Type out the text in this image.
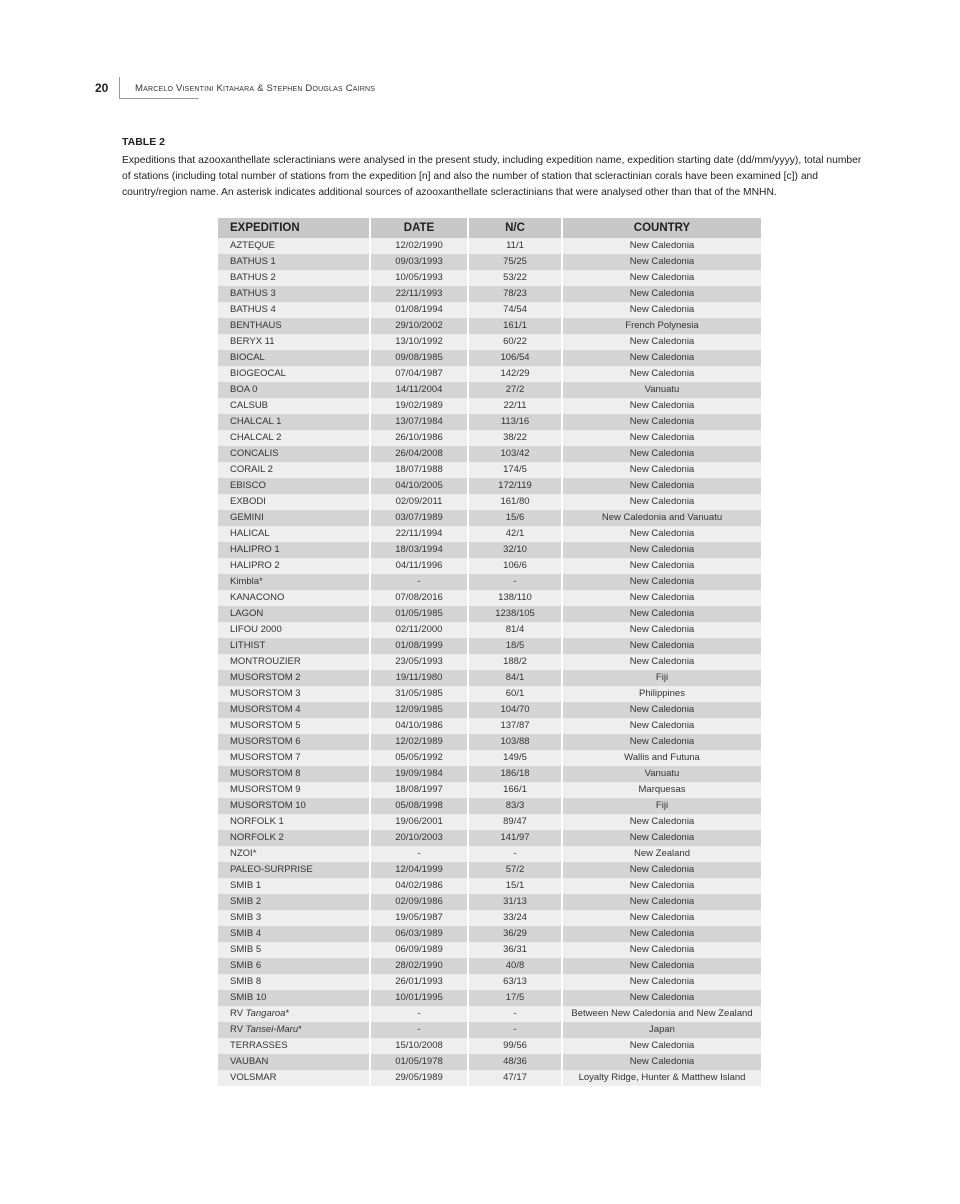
20	Marcelo Visentini Kitahara & Stephen Douglas Cairns
TABLE 2
Expeditions that azooxanthellate scleractinians were analysed in the present study, including expedition name, expedition starting date (dd/mm/yyyy), total number of stations (including total number of stations from the expedition [n] and also the number of station that scleractinian corals have been examined [c]) and country/region name. An asterisk indicates additional sources of azooxanthellate scleractinians that were analysed other than that of the MNHN.
EXPEDITION	DATE	N/C	COUNTRY
AZTEQUE	12/02/1990	11/1	New Caledonia
BATHUS 1	09/03/1993	75/25	New Caledonia
BATHUS 2	10/05/1993	53/22	New Caledonia
BATHUS 3	22/11/1993	78/23	New Caledonia
BATHUS 4	01/08/1994	74/54	New Caledonia
BENTHAUS	29/10/2002	161/1	French Polynesia
BERYX 11	13/10/1992	60/22	New Caledonia
BIOCAL	09/08/1985	106/54	New Caledonia
BIOGEOCAL	07/04/1987	142/29	New Caledonia
BOA 0	14/11/2004	27/2	Vanuatu
CALSUB	19/02/1989	22/11	New Caledonia
CHALCAL 1	13/07/1984	113/16	New Caledonia
CHALCAL 2	26/10/1986	38/22	New Caledonia
CONCALIS	26/04/2008	103/42	New Caledonia
CORAIL 2	18/07/1988	174/5	New Caledonia
EBISCO	04/10/2005	172/119	New Caledonia
EXBODI	02/09/2011	161/80	New Caledonia
GEMINI	03/07/1989	15/6	New Caledonia and Vanuatu
HALICAL	22/11/1994	42/1	New Caledonia
HALIPRO 1	18/03/1994	32/10	New Caledonia
HALIPRO 2	04/11/1996	106/6	New Caledonia
Kimbla*	-	-	New Caledonia
KANACONO	07/08/2016	138/110	New Caledonia
LAGON	01/05/1985	1238/105	New Caledonia
LIFOU 2000	02/11/2000	81/4	New Caledonia
LITHIST	01/08/1999	18/5	New Caledonia
MONTROUZIER	23/05/1993	188/2	New Caledonia
MUSORSTOM 2	19/11/1980	84/1	Fiji
MUSORSTOM 3	31/05/1985	60/1	Philippines
MUSORSTOM 4	12/09/1985	104/70	New Caledonia
MUSORSTOM 5	04/10/1986	137/87	New Caledonia
MUSORSTOM 6	12/02/1989	103/88	New Caledonia
MUSORSTOM 7	05/05/1992	149/5	Wallis and Futuna
MUSORSTOM 8	19/09/1984	186/18	Vanuatu
MUSORSTOM 9	18/08/1997	166/1	Marquesas
MUSORSTOM 10	05/08/1998	83/3	Fiji
NORFOLK 1	19/06/2001	89/47	New Caledonia
NORFOLK 2	20/10/2003	141/97	New Caledonia
NZOI*	-	-	New Zealand
PALEO-SURPRISE	12/04/1999	57/2	New Caledonia
SMIB 1	04/02/1986	15/1	New Caledonia
SMIB 2	02/09/1986	31/13	New Caledonia
SMIB 3	19/05/1987	33/24	New Caledonia
SMIB 4	06/03/1989	36/29	New Caledonia
SMIB 5	06/09/1989	36/31	New Caledonia
SMIB 6	28/02/1990	40/8	New Caledonia
SMIB 8	26/01/1993	63/13	New Caledonia
SMIB 10	10/01/1995	17/5	New Caledonia
RV Tangaroa*	-	-	Between New Caledonia and New Zealand
RV Tansei-Maru*	-	-	Japan
TERRASSES	15/10/2008	99/56	New Caledonia
VAUBAN	01/05/1978	48/36	New Caledonia
VOLSMAR	29/05/1989	47/17	Loyalty Ridge, Hunter & Matthew Island
